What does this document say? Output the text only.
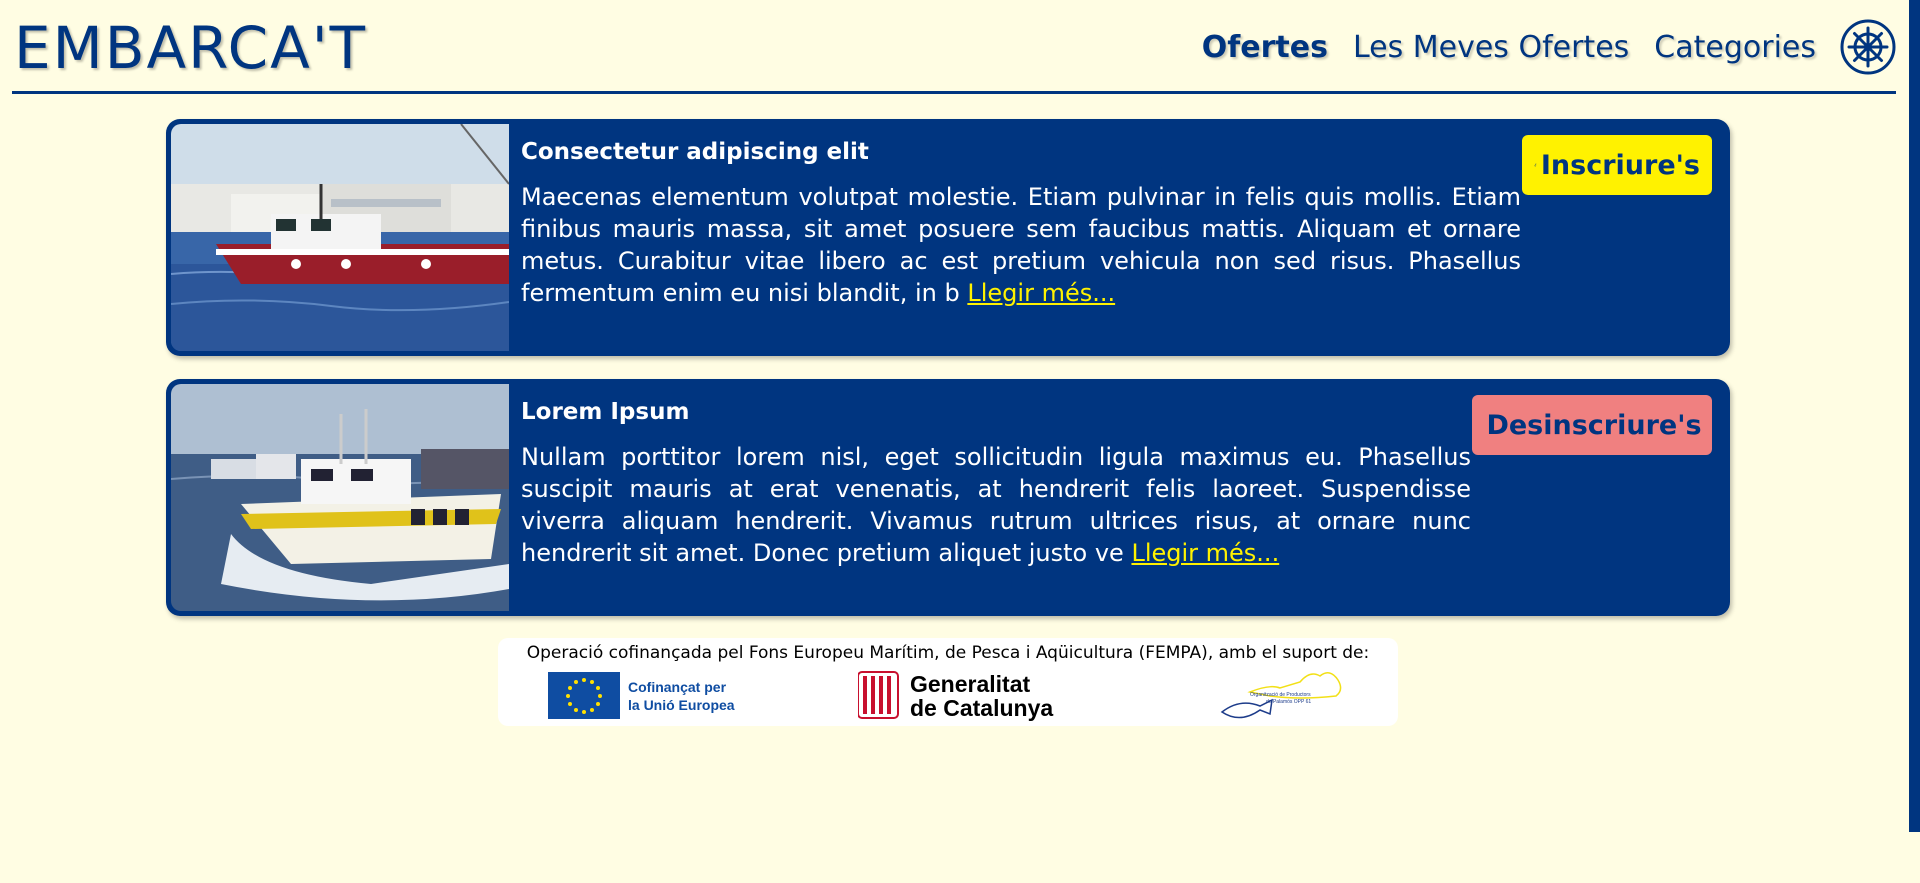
EMBARCA'T	Ofertes Les Meves Ofertes Categories
Consectetur adipiscing elit
Maecenas elementum volutpat molestie. Etiam pulvinar in felis quis mollis. Etiam finibus mauris massa, sit amet posuere sem faucibus mattis. Aliquam et ornare metus. Curabitur vitae libero ac est pretium vehicula non sed risus. Phasellus fermentum enim eu nisi blandit, in b Llegir més...
Inscriure's
Lorem Ipsum
Nullam porttitor lorem nisl, eget sollicitudin ligula maximus eu. Phasellus suscipit mauris at erat venenatis, at hendrerit felis laoreet. Suspendisse viverra aliquam hendrerit. Vivamus rutrum ultrices risus, at ornare nunc hendrerit sit amet. Donec pretium aliquet justo ve Llegir més...
Desinscriure's
Operació cofinançada pel Fons Europeu Marítim, de Pesca i Aqüicultura (FEMPA), amb el suport de:
Cofinançat per
la Unió Europea
Generalitat
de Catalunya	Organització de Productors
de Palamós OPP 61
